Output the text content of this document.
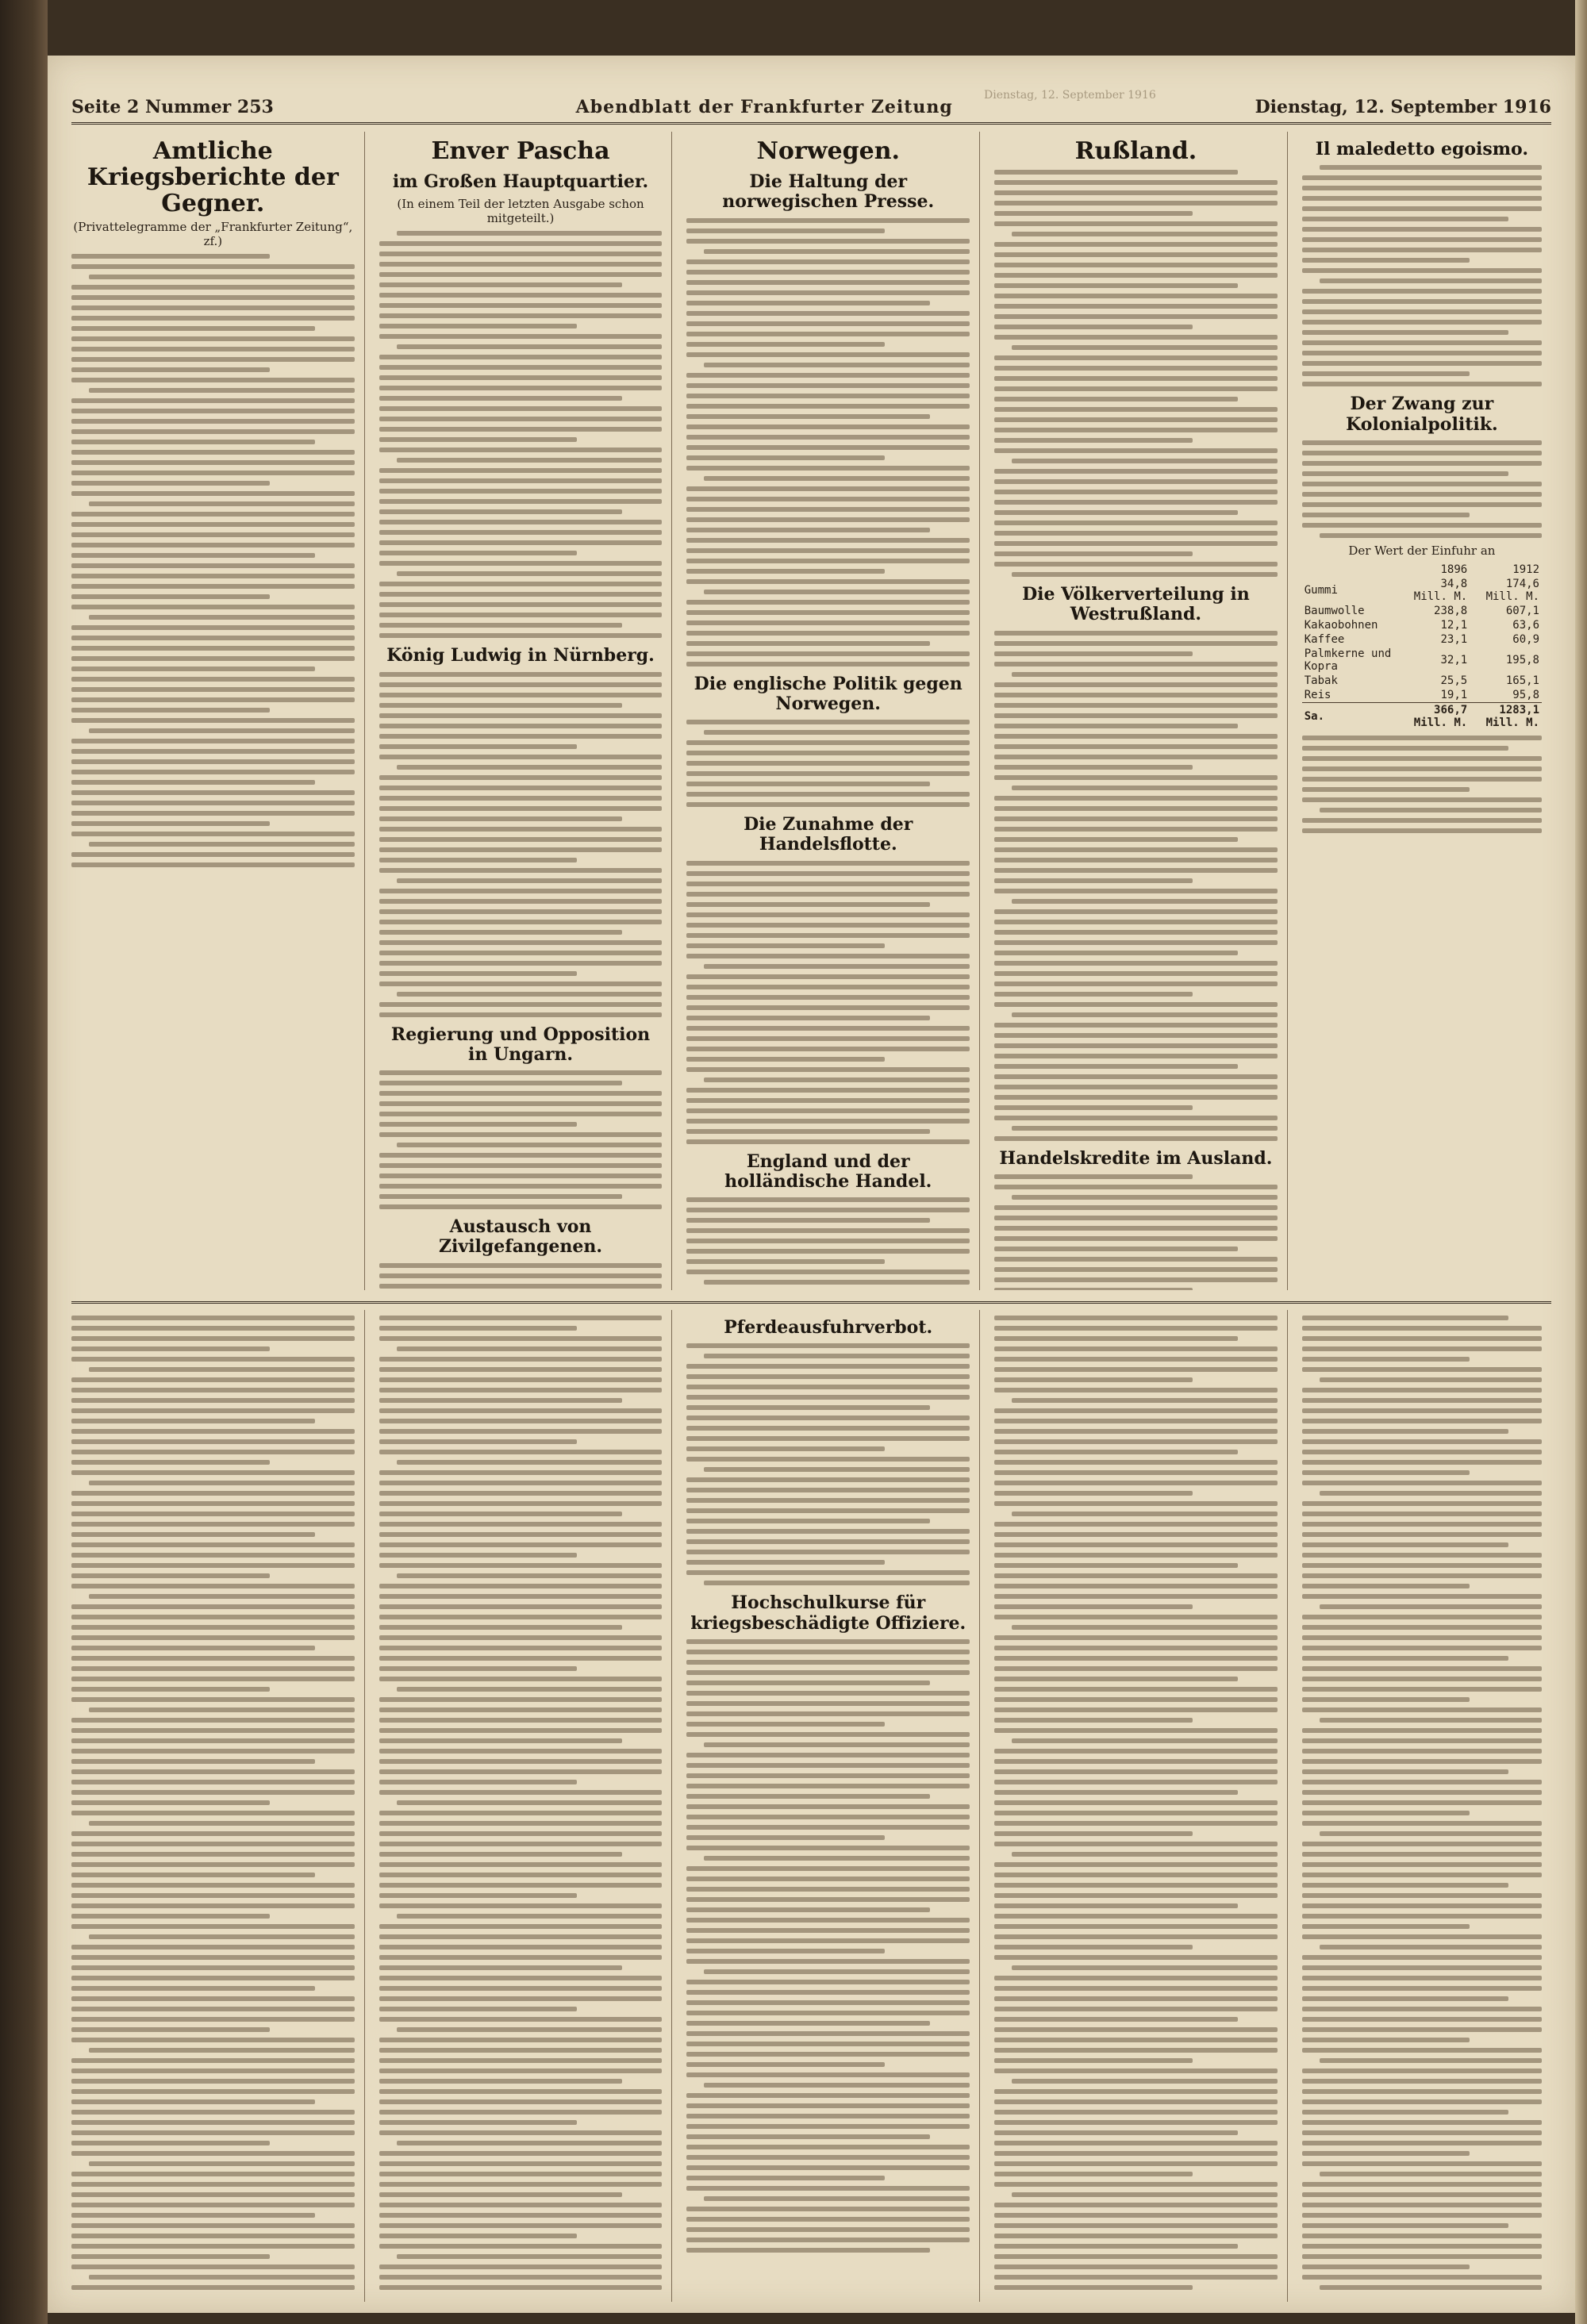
Dienstag, 12. September 1916
Seite 2 Nummer 253	Abendblatt der Frankfurter Zeitung	Dienstag, 12. September 1916
Amtliche Kriegsberichte der Gegner.
(Privattelegramme der „Frankfurter Zeitung“, zf.)
Enver Pascha
im Großen Hauptquartier.
(In einem Teil der letzten Ausgabe schon mitgeteilt.)
König Ludwig in Nürnberg.
Regierung und Opposition in Ungarn.
Austausch von Zivilgefangenen.
Norwegen.
Die Haltung der norwegischen Presse.
Die englische Politik gegen Norwegen.
Die Zunahme der Handelsflotte.
England und der holländische Handel.
Rußland.
Die Völkerverteilung in Westrußland.
Handelskredite im Ausland.
Il maledetto egoismo.
Der Zwang zur Kolonialpolitik.
Der Wert der Einfuhr an
	1896	1912
Gummi	34,8 Mill. M.	174,6 Mill. M.
Baumwolle	238,8	607,1
Kakaobohnen	12,1	63,6
Kaffee	23,1	60,9
Palmkerne und Kopra	32,1	195,8
Tabak	25,5	165,1
Reis	19,1	95,8
Sa.	366,7 Mill. M.	1283,1 Mill. M.
Pferdeausfuhrverbot.
Hochschulkurse für kriegsbeschädigte Offiziere.
